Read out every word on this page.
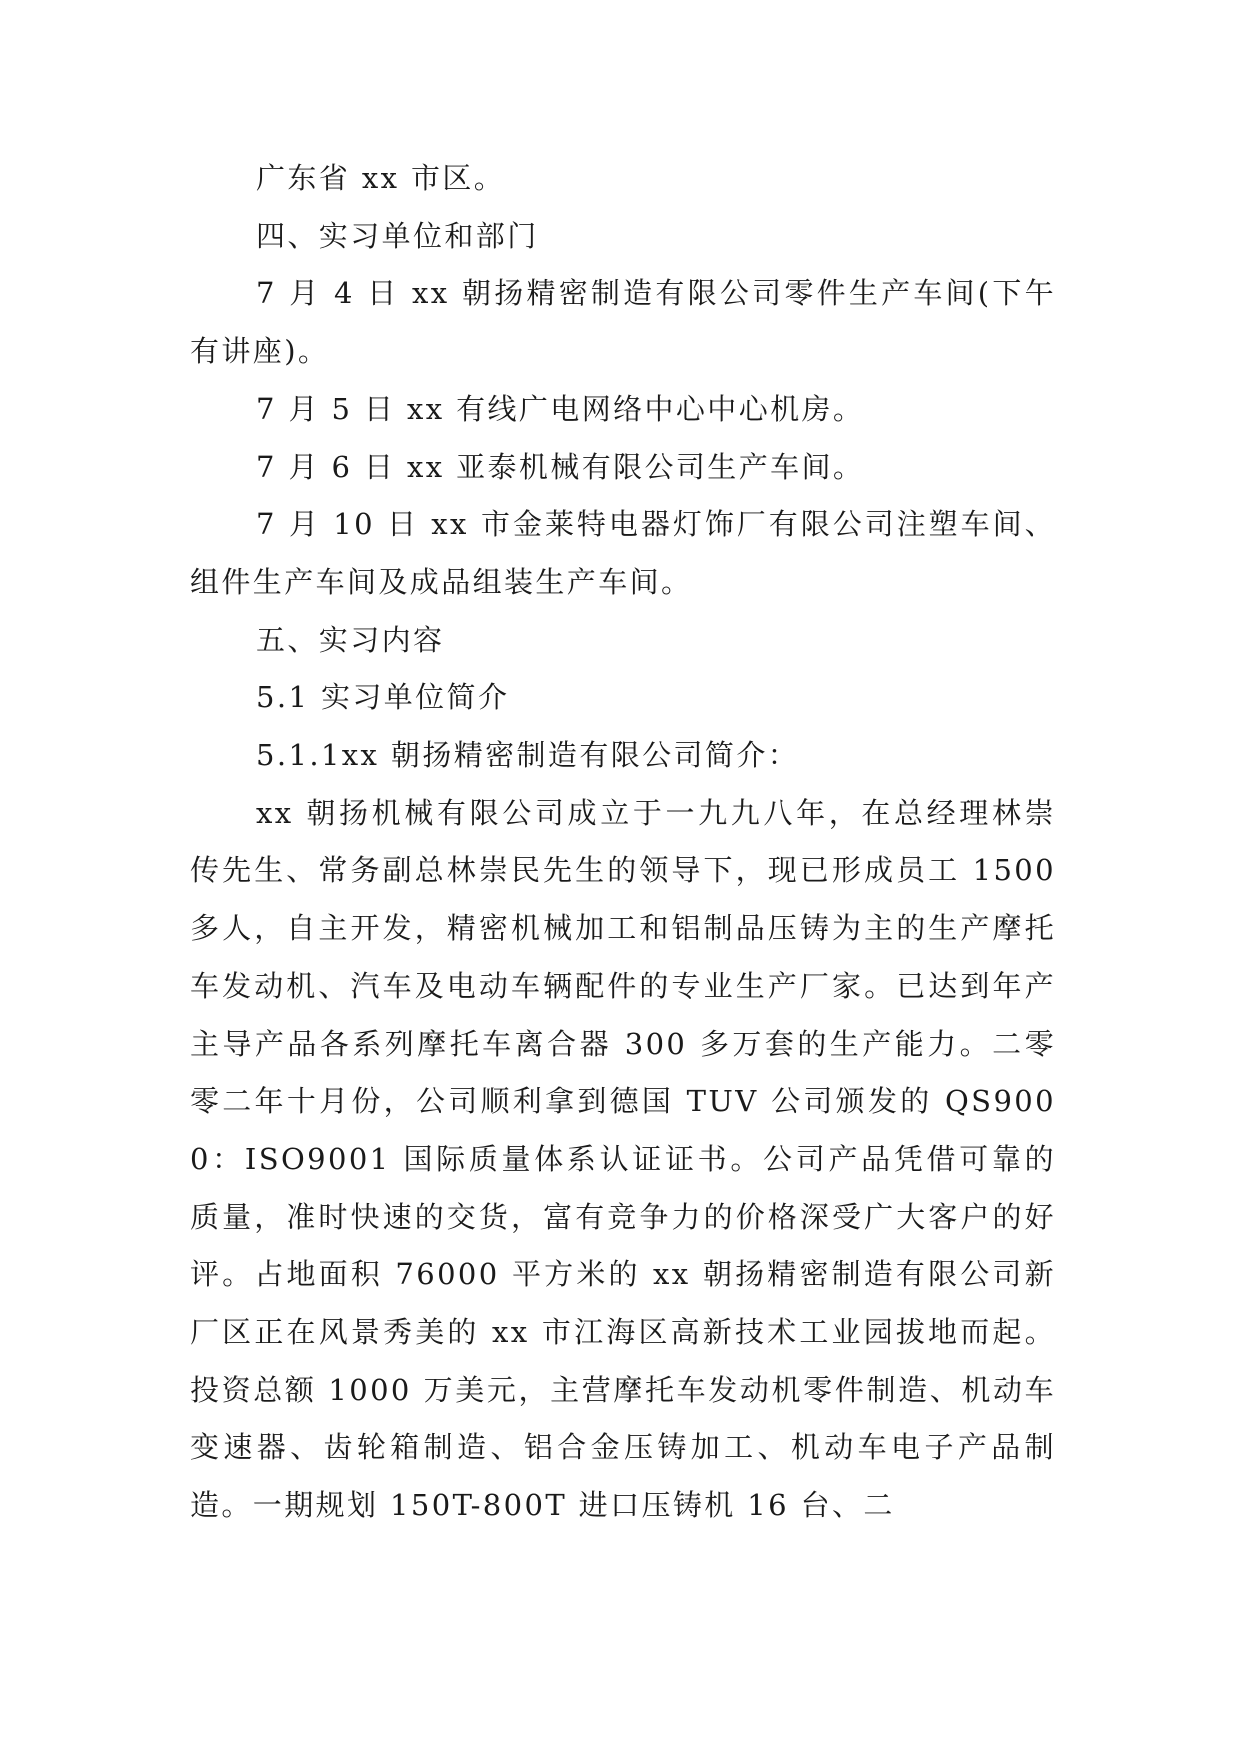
广东省 xx 市区。

四、实习单位和部门

7 月 4 日 xx 朝扬精密制造有限公司零件生产车间(下午有讲座)。

7 月 5 日 xx 有线广电网络中心中心机房。

7 月 6 日 xx 亚泰机械有限公司生产车间。

7 月 10 日 xx 市金莱特电器灯饰厂有限公司注塑车间、组件生产车间及成品组装生产车间。

五、实习内容

5.1 实习单位简介

5.1.1xx 朝扬精密制造有限公司简介：

xx 朝扬机械有限公司成立于一九九八年，在总经理林崇传先生、常务副总林崇民先生的领导下，现已形成员工 1500 多人，自主开发，精密机械加工和铝制品压铸为主的生产摩托车发动机、汽车及电动车辆配件的专业生产厂家。已达到年产主导产品各系列摩托车离合器 300 多万套的生产能力。二零零二年十月份，公司顺利拿到德国 TUV 公司颁发的 QS9000：ISO9001 国际质量体系认证证书。公司产品凭借可靠的质量，准时快速的交货，富有竞争力的价格深受广大客户的好评。占地面积 76000 平方米的 xx 朝扬精密制造有限公司新厂区正在风景秀美的 xx 市江海区高新技术工业园拔地而起。投资总额 1000 万美元，主营摩托车发动机零件制造、机动车变速器、齿轮箱制造、铝合金压铸加工、机动车电子产品制造。一期规划 150T-800T 进口压铸机 16 台、二
